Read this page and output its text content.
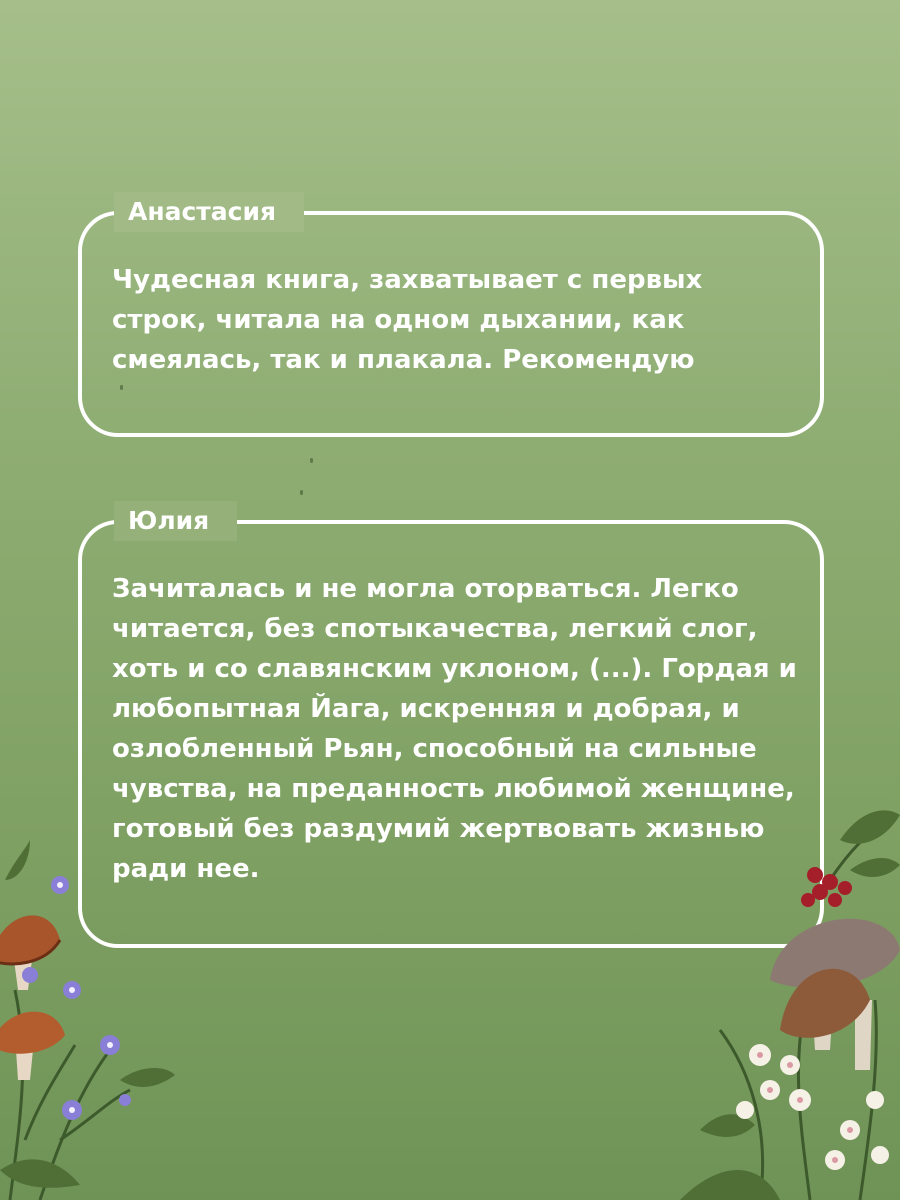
Анастасия

Чудесная книга, захватывает с первых строк, читала на одном дыхании, как смеялась, так и плакала. Рекомендую

Юлия

Зачиталась и не могла оторваться. Легко читается, без спотыкачества, легкий слог, хоть и со славянским уклоном, (...). Гордая и любопытная Йага, искренняя и добрая, и озлобленный Рьян, способный на сильные чувства, на преданность любимой женщине, готовый без раздумий жертвовать жизнью ради нее.
